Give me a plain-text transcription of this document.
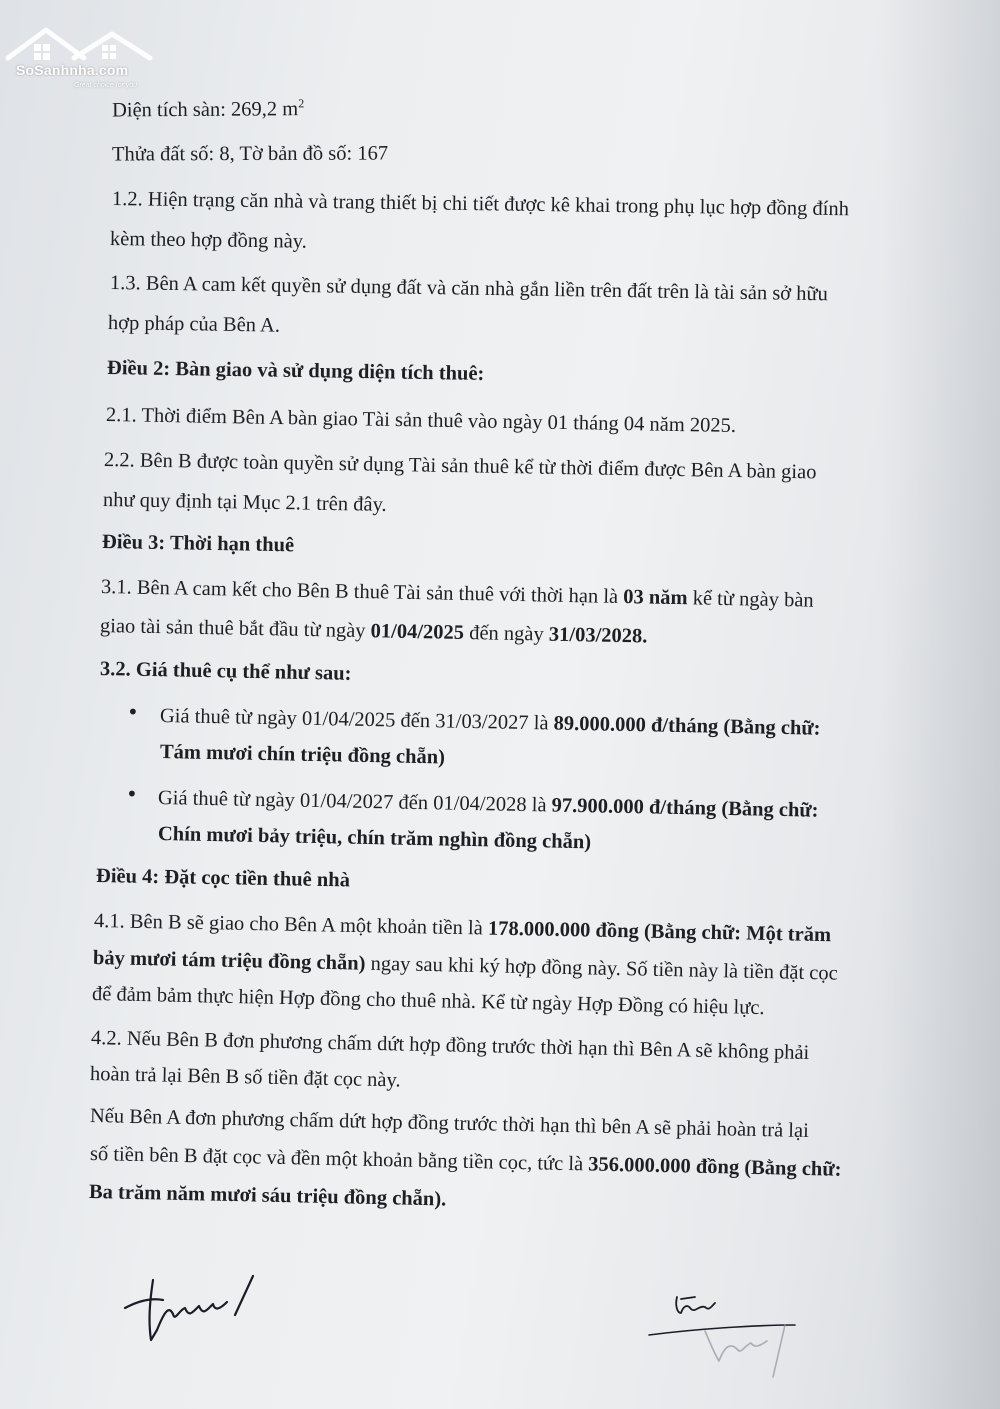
SoSanhnha.com
Great choice for you
Diện tích sàn: 269,2 $m^2$
Thửa đất số: 8, Tờ bản đồ số: 167
1.2. Hiện trạng căn nhà và trang thiết bị chi tiết được kê khai trong phụ lục hợp đồng đính
kèm theo hợp đồng này.
1.3. Bên A cam kết quyền sử dụng đất và căn nhà gắn liền trên đất trên là tài sản sở hữu
hợp pháp của Bên A.
Điều 2: Bàn giao và sử dụng diện tích thuê:
2.1. Thời điểm Bên A bàn giao Tài sản thuê vào ngày 01 tháng 04 năm 2025.
2.2. Bên B được toàn quyền sử dụng Tài sản thuê kể từ thời điểm được Bên A bàn giao
như quy định tại Mục 2.1 trên đây.
Điều 3: Thời hạn thuê
3.1. Bên A cam kết cho Bên B thuê Tài sản thuê với thời hạn là 03 năm kể từ ngày bàn
giao tài sản thuê bắt đầu từ ngày 01/04/2025 đến ngày 31/03/2028.
3.2. Giá thuê cụ thể như sau:
• Giá thuê từ ngày 01/04/2025 đến 31/03/2027 là 89.000.000 đ/tháng (Bằng chữ:
Tám mươi chín triệu đồng chẵn)
• Giá thuê từ ngày 01/04/2027 đến 01/04/2028 là 97.900.000 đ/tháng (Bằng chữ:
Chín mươi bảy triệu, chín trăm nghìn đồng chẵn)
Điều 4: Đặt cọc tiền thuê nhà
4.1. Bên B sẽ giao cho Bên A một khoản tiền là 178.000.000 đồng (Bằng chữ: Một trăm
bảy mươi tám triệu đồng chẵn) ngay sau khi ký hợp đồng này. Số tiền này là tiền đặt cọc
để đảm bảm thực hiện Hợp đồng cho thuê nhà. Kể từ ngày Hợp Đồng có hiệu lực.
4.2. Nếu Bên B đơn phương chấm dứt hợp đồng trước thời hạn thì Bên A sẽ không phải
hoàn trả lại Bên B số tiền đặt cọc này.
Nếu Bên A đơn phương chấm dứt hợp đồng trước thời hạn thì bên A sẽ phải hoàn trả lại
số tiền bên B đặt cọc và đền một khoản bằng tiền cọc, tức là 356.000.000 đồng (Bằng chữ:
Ba trăm năm mươi sáu triệu đồng chẵn).
